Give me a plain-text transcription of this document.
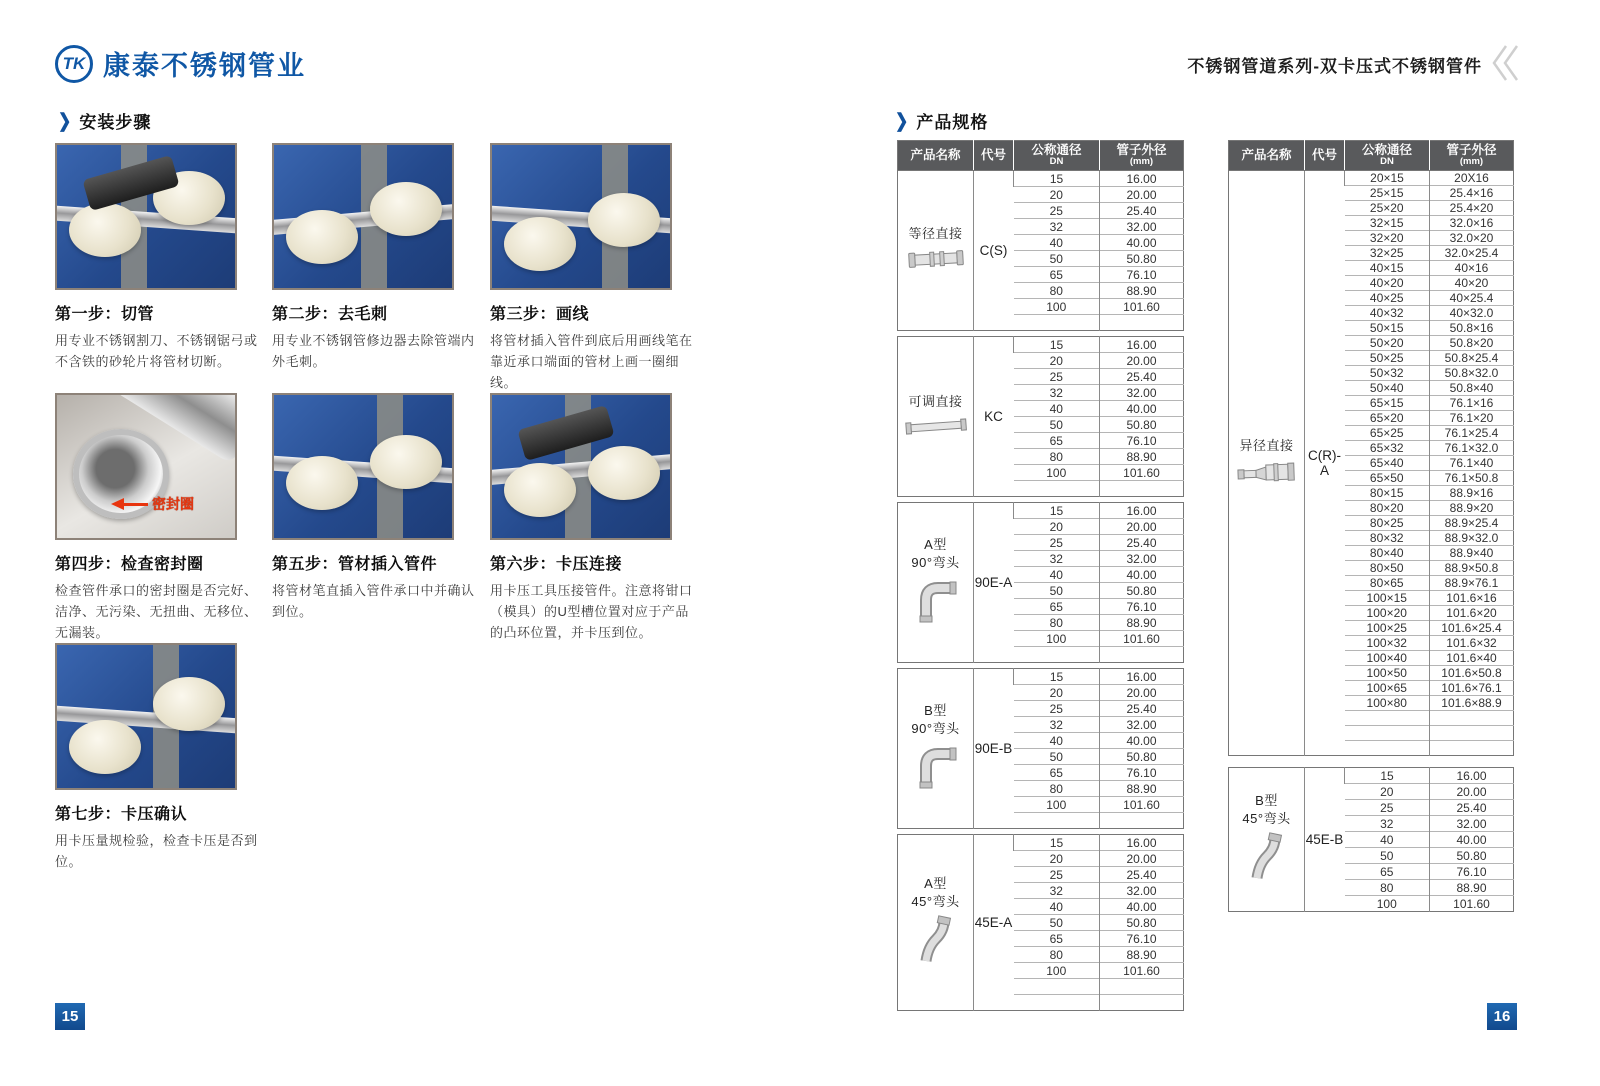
TK 康泰不锈钢管业	不锈钢管道系列-双卡压式不锈钢管件
❯ 安装步骤	❯ 产品规格
第一步：切管
用专业不锈钢割刀、不锈钢锯弓或不含铁的砂轮片将管材切断。
第二步：去毛刺
用专业不锈钢管修边器去除管端内外毛刺。
第三步：画线
将管材插入管件到底后用画线笔在靠近承口端面的管材上画一圈细线。
密封圈
第四步：检查密封圈
检查管件承口的密封圈是否完好、洁净、无污染、无扭曲、无移位、无漏装。
第五步：管材插入管件
将管材笔直插入管件承口中并确认到位。
第六步：卡压连接
用卡压工具压接管件。注意将钳口（模具）的U型槽位置对应于产品的凸环位置，并卡压到位。
第七步：卡压确认
用卡压量规检验，检查卡压是否到位。
产品名称	代号	公称通径
DN	管子外径
(mm)

等径直接	C(S)	15	16.00
		20	20.00
		25	25.40
		32	32.00
		40	40.00
		50	50.80
		65	76.10
		80	88.90
		100	101.60

可调直接	KC	15	16.00
		20	20.00
		25	25.40
		32	32.00
		40	40.00
		50	50.80
		65	76.10
		80	88.90
		100	101.60

A型
90°弯头	90E-A	15	16.00
		20	20.00
		25	25.40
		32	32.00
		40	40.00
		50	50.80
		65	76.10
		80	88.90
		100	101.60

B型
90°弯头	90E-B	15	16.00
		20	20.00
		25	25.40
		32	32.00
		40	40.00
		50	50.80
		65	76.10
		80	88.90
		100	101.60

A型
45°弯头	45E-A	15	16.00
		20	20.00
		25	25.40
		32	32.00
		40	40.00
		50	50.80
		65	76.10
		80	88.90
		100	101.60

产品名称	代号	公称通径
DN	管子外径
(mm)

异径直接	C(R)-A	20×15	20X16
		25×15	25.4×16
		25×20	25.4×20
		32×15	32.0×16
		32×20	32.0×20
		32×25	32.0×25.4
		40×15	40×16
		40×20	40×20
		40×25	40×25.4
		40×32	40×32.0
		50×15	50.8×16
		50×20	50.8×20
		50×25	50.8×25.4
		50×32	50.8×32.0
		50×40	50.8×40
		65×15	76.1×16
		65×20	76.1×20
		65×25	76.1×25.4
		65×32	76.1×32.0
		65×40	76.1×40
		65×50	76.1×50.8
		80×15	88.9×16
		80×20	88.9×20
		80×25	88.9×25.4
		80×32	88.9×32.0
		80×40	88.9×40
		80×50	88.9×50.8
		80×65	88.9×76.1
		100×15	101.6×16
		100×20	101.6×20
		100×25	101.6×25.4
		100×32	101.6×32
		100×40	101.6×40
		100×50	101.6×50.8
		100×65	101.6×76.1
		100×80	101.6×88.9

B型
45°弯头	45E-B	15	16.00
		20	20.00
		25	25.40
		32	32.00
		40	40.00
		50	50.80
		65	76.10
		80	88.90
		100	101.60
15	16
